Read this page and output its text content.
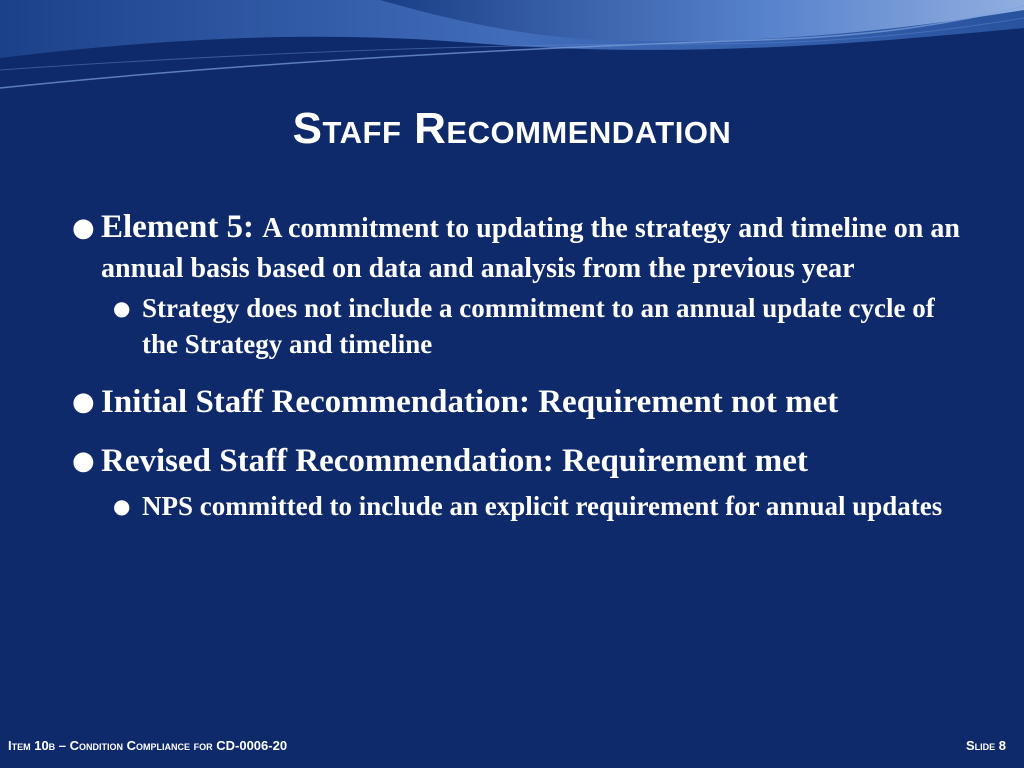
Staff Recommendation
● Element 5: A commitment to updating the strategy and timeline on an annual basis based on data and analysis from the previous year
● Strategy does not include a commitment to an annual update cycle of the Strategy and timeline
● Initial Staff Recommendation: Requirement not met
● Revised Staff Recommendation: Requirement met
● NPS committed to include an explicit requirement for annual updates
Item 10b – Condition Compliance for CD-0006-20	Slide 8
